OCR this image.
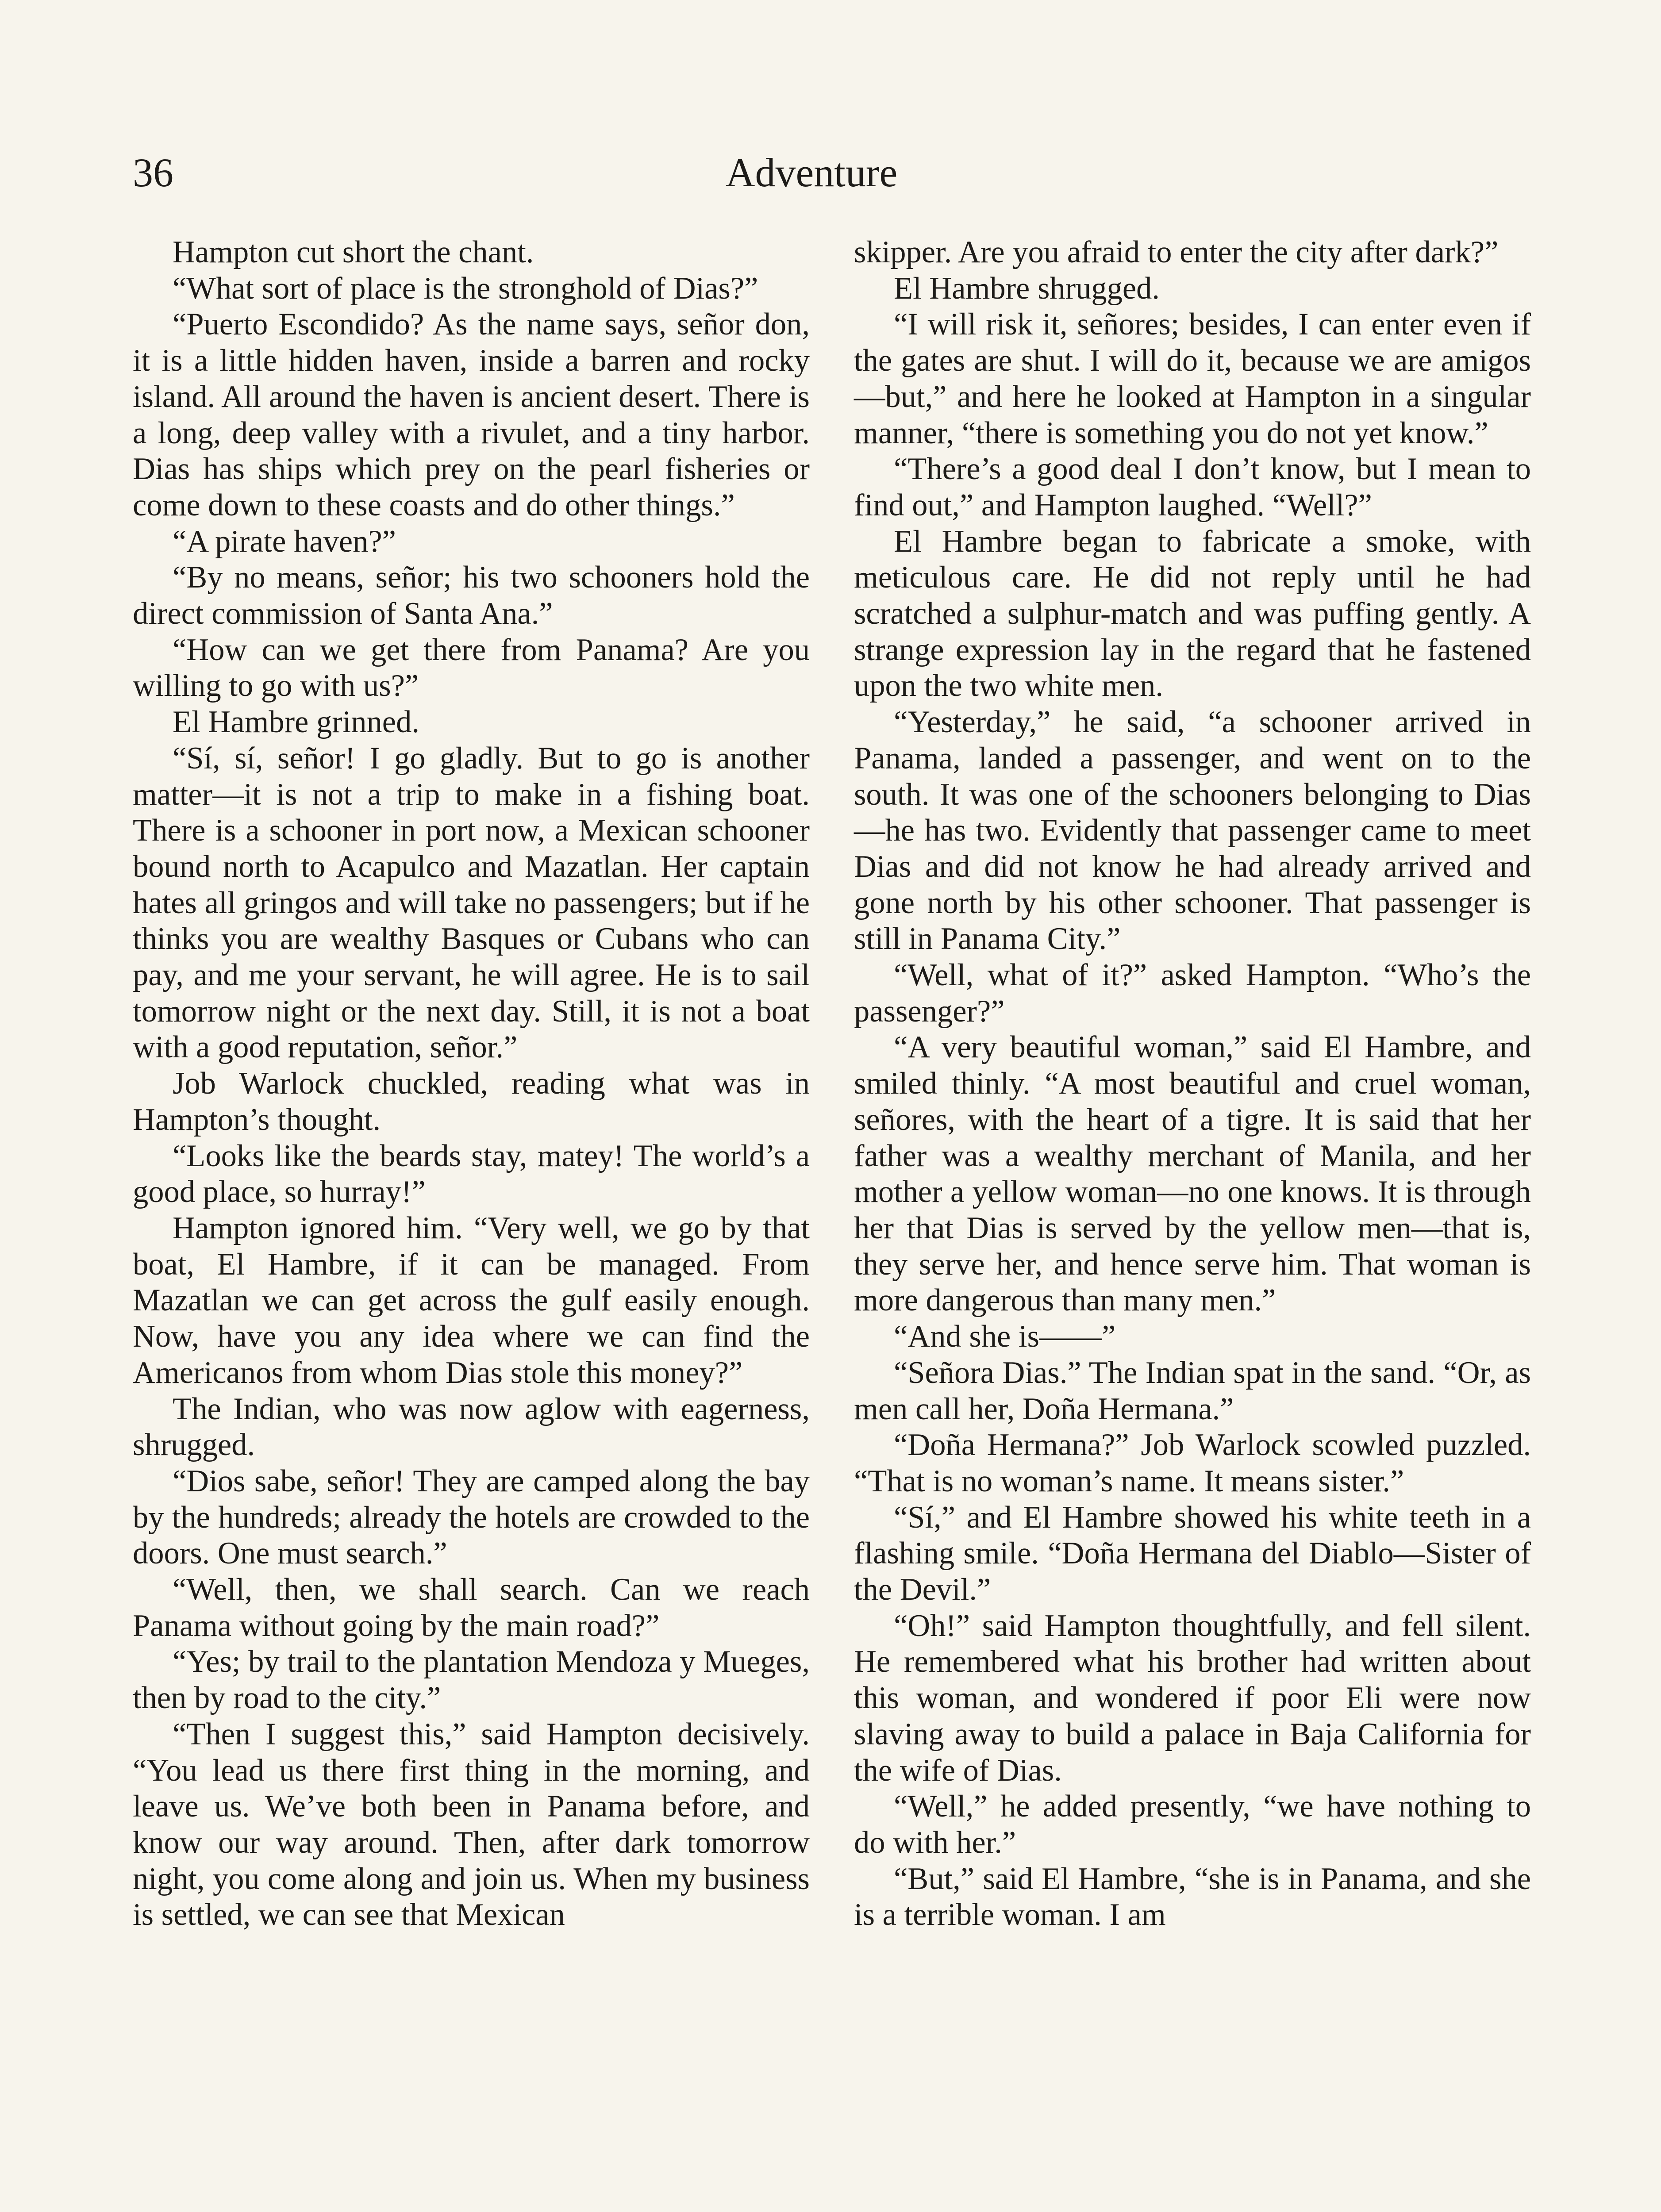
36	Adventure

Hampton cut short the chant.

“What sort of place is the stronghold of Dias?”

“Puerto Escondido? As the name says, señor don, it is a little hidden haven, inside a barren and rocky island. All around the haven is ancient desert. There is a long, deep valley with a rivulet, and a tiny harbor. Dias has ships which prey on the pearl fisheries or come down to these coasts and do other things.”

“A pirate haven?”

“By no means, señor; his two schooners hold the direct commission of Santa Ana.”

“How can we get there from Panama? Are you willing to go with us?”

El Hambre grinned.

“Sí, sí, señor! I go gladly. But to go is another matter—it is not a trip to make in a fishing boat. There is a schooner in port now, a Mexican schooner bound north to Acapulco and Mazatlan. Her captain hates all gringos and will take no passengers; but if he thinks you are wealthy Basques or Cubans who can pay, and me your servant, he will agree. He is to sail tomorrow night or the next day. Still, it is not a boat with a good reputation, señor.”

Job Warlock chuckled, reading what was in Hampton’s thought.

“Looks like the beards stay, matey! The world’s a good place, so hurray!”

Hampton ignored him. “Very well, we go by that boat, El Hambre, if it can be managed. From Mazatlan we can get across the gulf easily enough. Now, have you any idea where we can find the Americanos from whom Dias stole this money?”

The Indian, who was now aglow with eagerness, shrugged.

“Dios sabe, señor! They are camped along the bay by the hundreds; already the hotels are crowded to the doors. One must search.”

“Well, then, we shall search. Can we reach Panama without going by the main road?”

“Yes; by trail to the plantation Mendoza y Mueges, then by road to the city.”

“Then I suggest this,” said Hampton decisively. “You lead us there first thing in the morning, and leave us. We’ve both been in Panama before, and know our way around. Then, after dark tomorrow night, you come along and join us. When my business is settled, we can see that Mexican

skipper. Are you afraid to enter the city after dark?”

El Hambre shrugged.

“I will risk it, señores; besides, I can enter even if the gates are shut. I will do it, because we are amigos—but,” and here he looked at Hampton in a singular manner, “there is something you do not yet know.”

“There’s a good deal I don’t know, but I mean to find out,” and Hampton laughed. “Well?”

El Hambre began to fabricate a smoke, with meticulous care. He did not reply until he had scratched a sulphur-match and was puffing gently. A strange expression lay in the regard that he fastened upon the two white men.

“Yesterday,” he said, “a schooner arrived in Panama, landed a passenger, and went on to the south. It was one of the schooners belonging to Dias—he has two. Evidently that passenger came to meet Dias and did not know he had already arrived and gone north by his other schooner. That passenger is still in Panama City.”

“Well, what of it?” asked Hampton. “Who’s the passenger?”

“A very beautiful woman,” said El Hambre, and smiled thinly. “A most beautiful and cruel woman, señores, with the heart of a tigre. It is said that her father was a wealthy merchant of Manila, and her mother a yellow woman—no one knows. It is through her that Dias is served by the yellow men—that is, they serve her, and hence serve him. That woman is more dangerous than many men.”

“And she is——”

“Señora Dias.” The Indian spat in the sand. “Or, as men call her, Doña Hermana.”

“Doña Hermana?” Job Warlock scowled puzzled. “That is no woman’s name. It means sister.”

“Sí,” and El Hambre showed his white teeth in a flashing smile. “Doña Hermana del Diablo—Sister of the Devil.”

“Oh!” said Hampton thoughtfully, and fell silent. He remembered what his brother had written about this woman, and wondered if poor Eli were now slaving away to build a palace in Baja California for the wife of Dias.

“Well,” he added presently, “we have nothing to do with her.”

“But,” said El Hambre, “she is in Panama, and she is a terrible woman. I am
